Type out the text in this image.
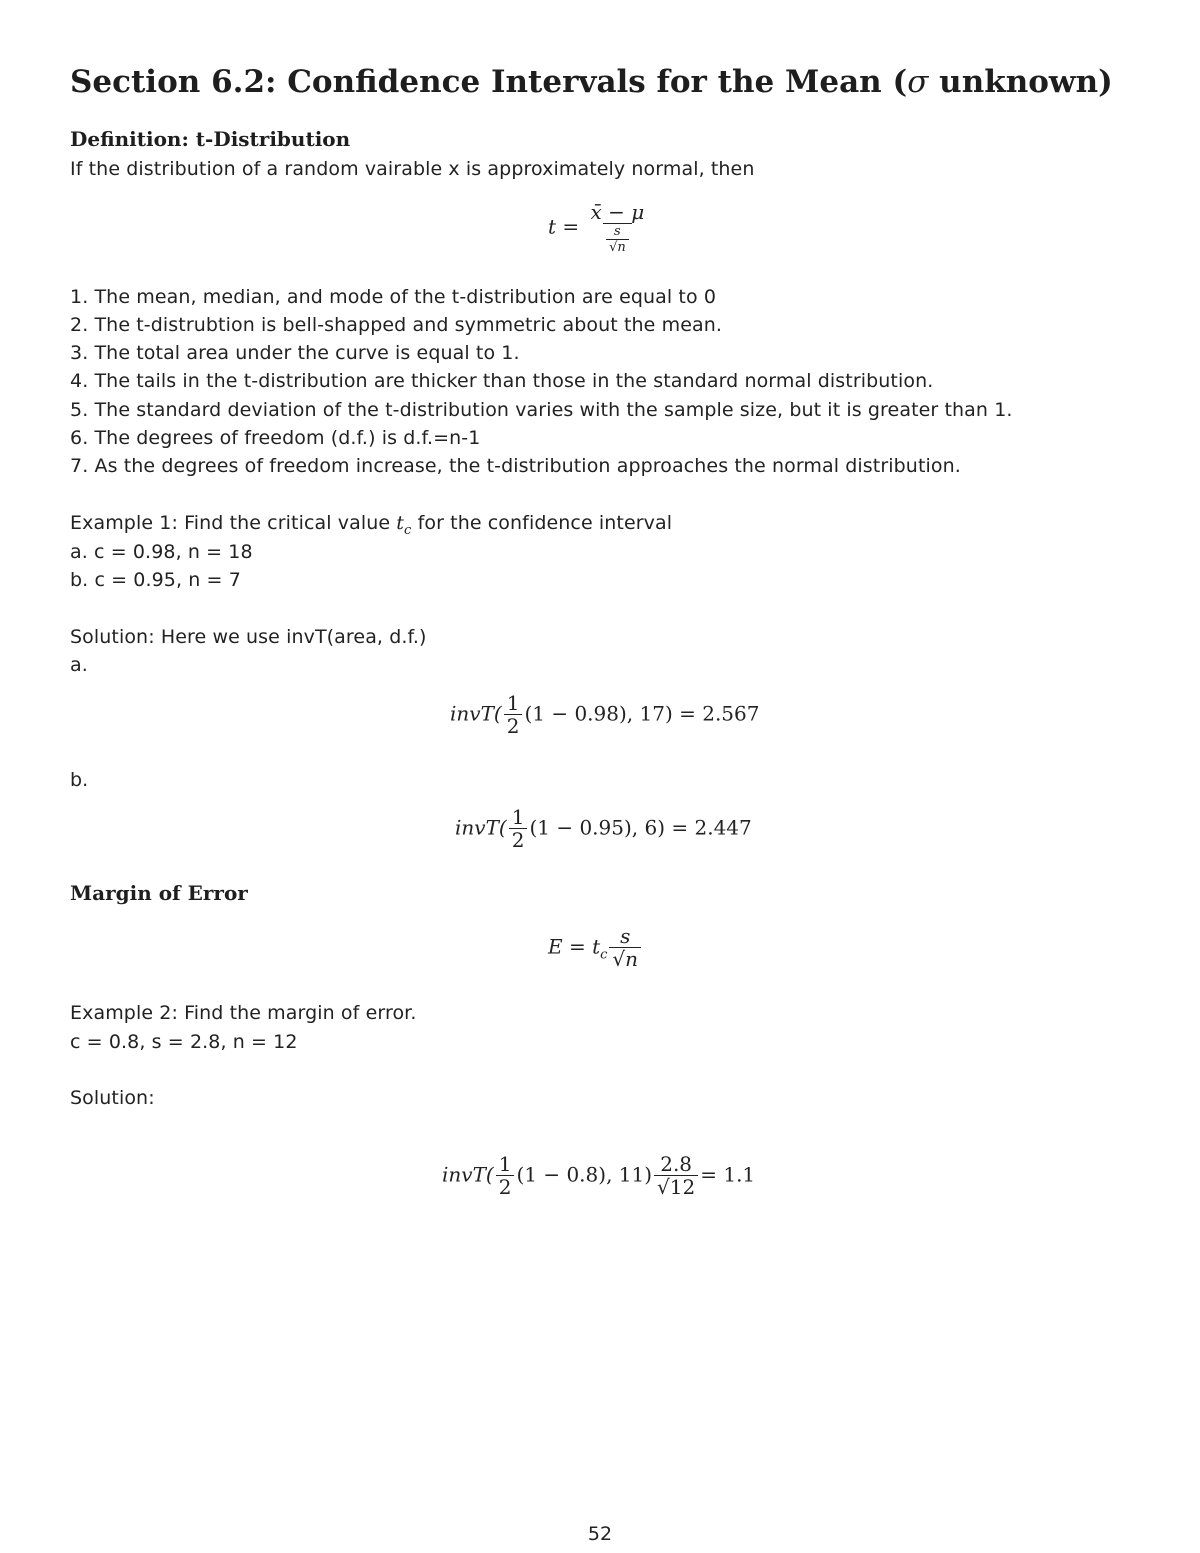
Section 6.2: Confidence Intervals for the Mean (σ unknown)
Definition: t-Distribution
If the distribution of a random vairable x is approximately normal, then
$t = \frac{x̄ - \mu}{\frac{s}{√n}}$
1. The mean, median, and mode of the t-distribution are equal to 0
2. The t-distrubtion is bell-shapped and symmetric about the mean.
3. The total area under the curve is equal to 1.
4. The tails in the t-distribution are thicker than those in the standard normal distribution.
5. The standard deviation of the t-distribution varies with the sample size, but it is greater than 1.
6. The degrees of freedom (d.f.) is d.f.=n-1
7. As the degrees of freedom increase, the t-distribution approaches the normal distribution.
Example 1: Find the critical value $t_c$ for the confidence interval
a. c = 0.98, n = 18
b. c = 0.95, n = 7
Solution: Here we use invT(area, d.f.)
a.
invT( $\frac{1}{2} (1 - 0.98)$, 17) = 2.567
b.
invT( $\frac{1}{2} (1 - 0.95)$, 6) = 2.447
Margin of Error
$E = t_c \frac{s}{√n}$
Example 2: Find the margin of error.
c = 0.8, s = 2.8, n = 12
Solution:
invT( $\frac{1}{2} (1 - 0.8)$, $11) \frac{2.8}{√12} = 1.1$
52
